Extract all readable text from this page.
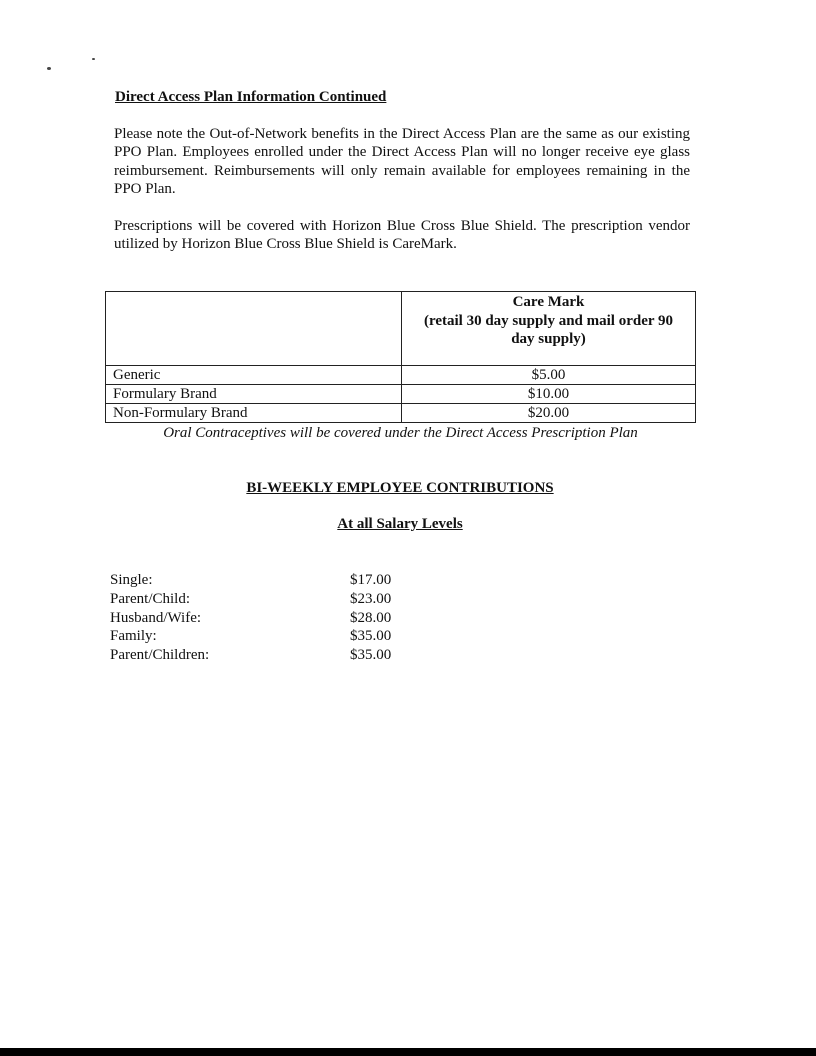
Direct Access Plan Information Continued

Please note the Out-of-Network benefits in the Direct Access Plan are the same as our existing PPO Plan. Employees enrolled under the Direct Access Plan will no longer receive eye glass reimbursement. Reimbursements will only remain available for employees remaining in the PPO Plan.

Prescriptions will be covered with Horizon Blue Cross Blue Shield. The prescription vendor utilized by Horizon Blue Cross Blue Shield is CareMark.

	Care Mark
(retail 30 day supply and mail order 90 day supply)

Generic	$5.00
Formulary Brand	$10.00
Non-Formulary Brand	$20.00
Oral Contraceptives will be covered under the Direct Access Prescription Plan
BI-WEEKLY EMPLOYEE CONTRIBUTIONS
At all Salary Levels
Single:	$17.00
Parent/Child:	$23.00
Husband/Wife:	$28.00
Family:	$35.00
Parent/Children:	$35.00
